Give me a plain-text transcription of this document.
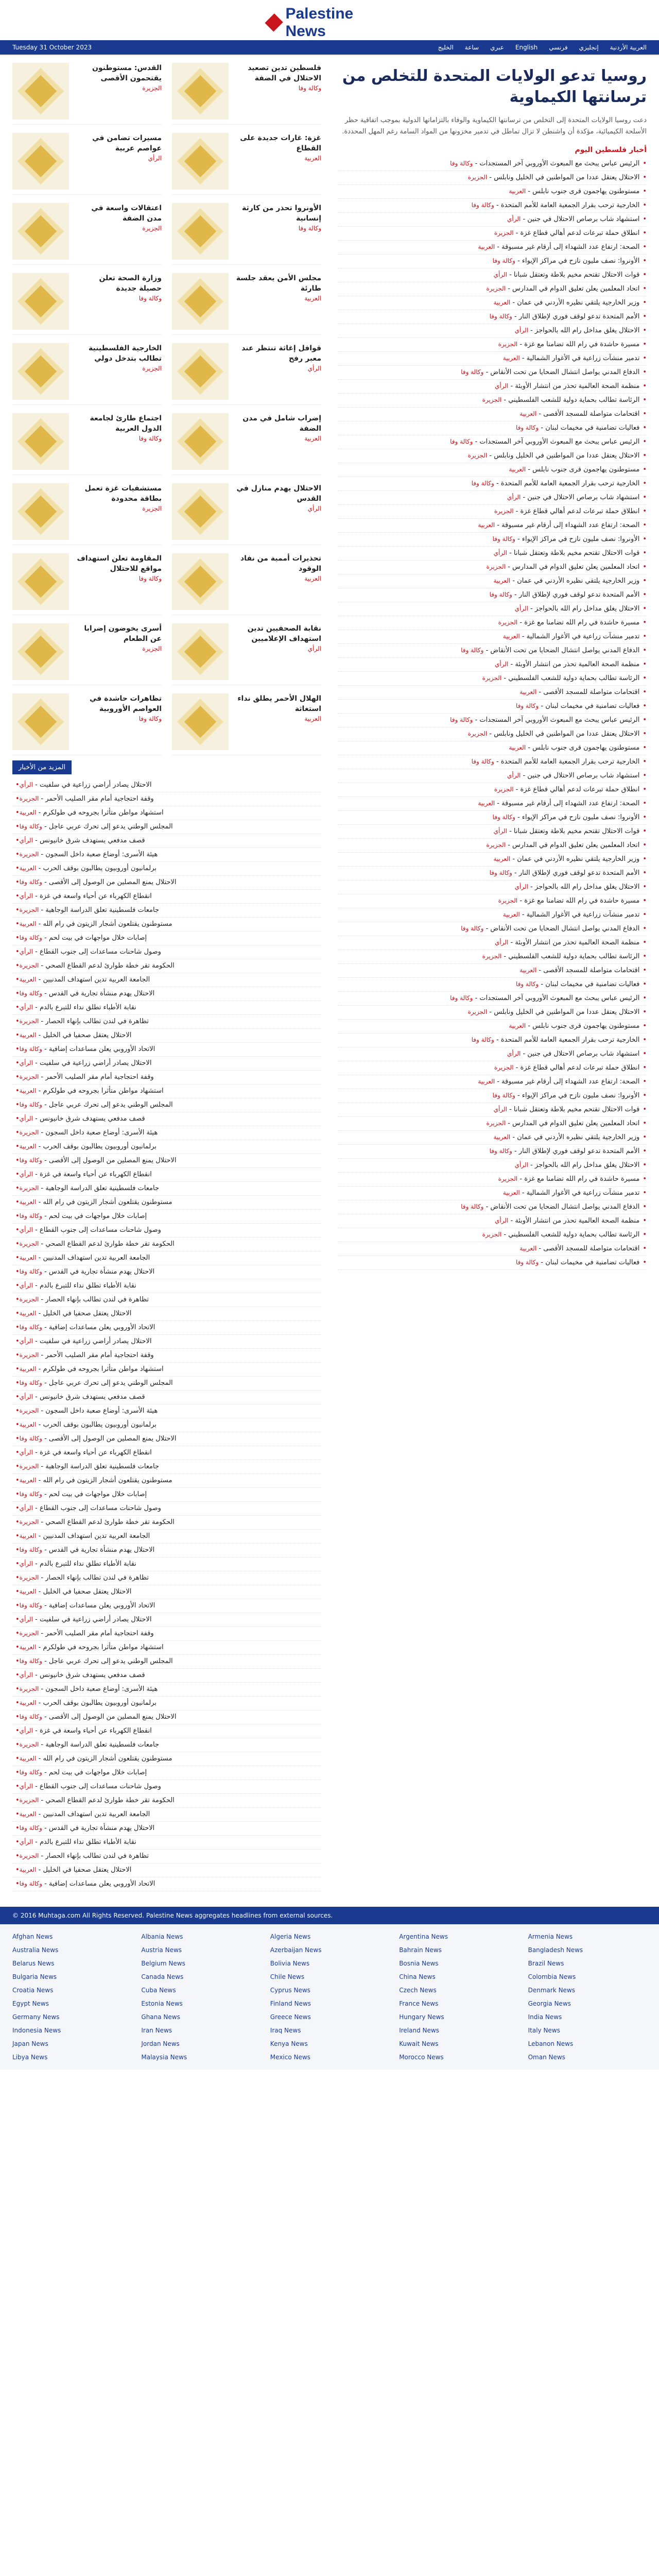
Palestine News
Tuesday 31 October 2023	العربية الأردنية
إنجليزي
فرنسي
English
عبري
ساعة
الخليج
فلسطين تدين تصعيد الاحتلال في الضفة
وكالة وفا
القدس: مستوطنون يقتحمون الأقصى
الجزيرة
غزة: غارات جديدة على القطاع
العربية
مسيرات تضامن في عواصم عربية
الرأي
الأونروا تحذر من كارثة إنسانية
وكالة وفا
اعتقالات واسعة في مدن الضفة
الجزيرة
مجلس الأمن يعقد جلسة طارئة
العربية
وزارة الصحة تعلن حصيلة جديدة
وكالة وفا
قوافل إغاثة تنتظر عند معبر رفح
الرأي
الخارجية الفلسطينية تطالب بتدخل دولي
الجزيرة
إضراب شامل في مدن الضفة
العربية
اجتماع طارئ لجامعة الدول العربية
وكالة وفا
الاحتلال يهدم منازل في القدس
الرأي
مستشفيات غزة تعمل بطاقة محدودة
الجزيرة
تحذيرات أممية من نفاد الوقود
العربية
المقاومة تعلن استهداف مواقع للاحتلال
وكالة وفا
نقابة الصحفيين تدين استهداف الإعلاميين
الرأي
أسرى يخوضون إضرابا عن الطعام
الجزيرة
الهلال الأحمر يطلق نداء استغاثة
العربية
تظاهرات حاشدة في العواصم الأوروبية
وكالة وفا
المزيد من الأخبار
•	الاحتلال يصادر أراضي زراعية في سلفيت - الرأي
•	وقفة احتجاجية أمام مقر الصليب الأحمر - الجزيرة
•	استشهاد مواطن متأثرا بجروحه في طولكرم - العربية
•	المجلس الوطني يدعو إلى تحرك عربي عاجل - وكالة وفا
•	قصف مدفعي يستهدف شرق خانيونس - الرأي
•	هيئة الأسرى: أوضاع صعبة داخل السجون - الجزيرة
•	برلمانيون أوروبيون يطالبون بوقف الحرب - العربية
•	الاحتلال يمنع المصلين من الوصول إلى الأقصى - وكالة وفا
•	انقطاع الكهرباء عن أحياء واسعة في غزة - الرأي
•	جامعات فلسطينية تعلق الدراسة الوجاهية - الجزيرة
•	مستوطنون يقتلعون أشجار الزيتون في رام الله - العربية
•	إصابات خلال مواجهات في بيت لحم - وكالة وفا
•	وصول شاحنات مساعدات إلى جنوب القطاع - الرأي
•	الحكومة تقر خطة طوارئ لدعم القطاع الصحي - الجزيرة
•	الجامعة العربية تدين استهداف المدنيين - العربية
•	الاحتلال يهدم منشأة تجارية في القدس - وكالة وفا
•	نقابة الأطباء تطلق نداء للتبرع بالدم - الرأي
•	تظاهرة في لندن تطالب بإنهاء الحصار - الجزيرة
•	الاحتلال يعتقل صحفيا في الخليل - العربية
•	الاتحاد الأوروبي يعلن مساعدات إضافية - وكالة وفا
•	الاحتلال يصادر أراضي زراعية في سلفيت - الرأي
•	وقفة احتجاجية أمام مقر الصليب الأحمر - الجزيرة
•	استشهاد مواطن متأثرا بجروحه في طولكرم - العربية
•	المجلس الوطني يدعو إلى تحرك عربي عاجل - وكالة وفا
•	قصف مدفعي يستهدف شرق خانيونس - الرأي
•	هيئة الأسرى: أوضاع صعبة داخل السجون - الجزيرة
•	برلمانيون أوروبيون يطالبون بوقف الحرب - العربية
•	الاحتلال يمنع المصلين من الوصول إلى الأقصى - وكالة وفا
•	انقطاع الكهرباء عن أحياء واسعة في غزة - الرأي
•	جامعات فلسطينية تعلق الدراسة الوجاهية - الجزيرة
•	مستوطنون يقتلعون أشجار الزيتون في رام الله - العربية
•	إصابات خلال مواجهات في بيت لحم - وكالة وفا
•	وصول شاحنات مساعدات إلى جنوب القطاع - الرأي
•	الحكومة تقر خطة طوارئ لدعم القطاع الصحي - الجزيرة
•	الجامعة العربية تدين استهداف المدنيين - العربية
•	الاحتلال يهدم منشأة تجارية في القدس - وكالة وفا
•	نقابة الأطباء تطلق نداء للتبرع بالدم - الرأي
•	تظاهرة في لندن تطالب بإنهاء الحصار - الجزيرة
•	الاحتلال يعتقل صحفيا في الخليل - العربية
•	الاتحاد الأوروبي يعلن مساعدات إضافية - وكالة وفا
•	الاحتلال يصادر أراضي زراعية في سلفيت - الرأي
•	وقفة احتجاجية أمام مقر الصليب الأحمر - الجزيرة
•	استشهاد مواطن متأثرا بجروحه في طولكرم - العربية
•	المجلس الوطني يدعو إلى تحرك عربي عاجل - وكالة وفا
•	قصف مدفعي يستهدف شرق خانيونس - الرأي
•	هيئة الأسرى: أوضاع صعبة داخل السجون - الجزيرة
•	برلمانيون أوروبيون يطالبون بوقف الحرب - العربية
•	الاحتلال يمنع المصلين من الوصول إلى الأقصى - وكالة وفا
•	انقطاع الكهرباء عن أحياء واسعة في غزة - الرأي
•	جامعات فلسطينية تعلق الدراسة الوجاهية - الجزيرة
•	مستوطنون يقتلعون أشجار الزيتون في رام الله - العربية
•	إصابات خلال مواجهات في بيت لحم - وكالة وفا
•	وصول شاحنات مساعدات إلى جنوب القطاع - الرأي
•	الحكومة تقر خطة طوارئ لدعم القطاع الصحي - الجزيرة
•	الجامعة العربية تدين استهداف المدنيين - العربية
•	الاحتلال يهدم منشأة تجارية في القدس - وكالة وفا
•	نقابة الأطباء تطلق نداء للتبرع بالدم - الرأي
•	تظاهرة في لندن تطالب بإنهاء الحصار - الجزيرة
•	الاحتلال يعتقل صحفيا في الخليل - العربية
•	الاتحاد الأوروبي يعلن مساعدات إضافية - وكالة وفا
•	الاحتلال يصادر أراضي زراعية في سلفيت - الرأي
•	وقفة احتجاجية أمام مقر الصليب الأحمر - الجزيرة
•	استشهاد مواطن متأثرا بجروحه في طولكرم - العربية
•	المجلس الوطني يدعو إلى تحرك عربي عاجل - وكالة وفا
•	قصف مدفعي يستهدف شرق خانيونس - الرأي
•	هيئة الأسرى: أوضاع صعبة داخل السجون - الجزيرة
•	برلمانيون أوروبيون يطالبون بوقف الحرب - العربية
•	الاحتلال يمنع المصلين من الوصول إلى الأقصى - وكالة وفا
•	انقطاع الكهرباء عن أحياء واسعة في غزة - الرأي
•	جامعات فلسطينية تعلق الدراسة الوجاهية - الجزيرة
•	مستوطنون يقتلعون أشجار الزيتون في رام الله - العربية
•	إصابات خلال مواجهات في بيت لحم - وكالة وفا
•	وصول شاحنات مساعدات إلى جنوب القطاع - الرأي
•	الحكومة تقر خطة طوارئ لدعم القطاع الصحي - الجزيرة
•	الجامعة العربية تدين استهداف المدنيين - العربية
•	الاحتلال يهدم منشأة تجارية في القدس - وكالة وفا
•	نقابة الأطباء تطلق نداء للتبرع بالدم - الرأي
•	تظاهرة في لندن تطالب بإنهاء الحصار - الجزيرة
•	الاحتلال يعتقل صحفيا في الخليل - العربية
•	الاتحاد الأوروبي يعلن مساعدات إضافية - وكالة وفا
روسيا تدعو الولايات المتحدة للتخلص من ترسانتها الكيماوية

دعت روسيا الولايات المتحدة إلى التخلص من ترسانتها الكيماوية والوفاء بالتزاماتها الدولية بموجب اتفاقية حظر الأسلحة الكيميائية، مؤكدة أن واشنطن لا تزال تماطل في تدمير مخزونها من المواد السامة رغم المهل المحددة.

أخبار فلسطين اليوم
•الرئيس عباس يبحث مع المبعوث الأوروبي آخر المستجدات - وكالة وفا
•الاحتلال يعتقل عددا من المواطنين في الخليل ونابلس - الجزيرة
•مستوطنون يهاجمون قرى جنوب نابلس - العربية
•الخارجية ترحب بقرار الجمعية العامة للأمم المتحدة - وكالة وفا
•استشهاد شاب برصاص الاحتلال في جنين - الرأي
•انطلاق حملة تبرعات لدعم أهالي قطاع غزة - الجزيرة
•الصحة: ارتفاع عدد الشهداء إلى أرقام غير مسبوقة - العربية
•الأونروا: نصف مليون نازح في مراكز الإيواء - وكالة وفا
•قوات الاحتلال تقتحم مخيم بلاطة وتعتقل شبانا - الرأي
•اتحاد المعلمين يعلن تعليق الدوام في المدارس - الجزيرة
•وزير الخارجية يلتقي نظيره الأردني في عمان - العربية
•الأمم المتحدة تدعو لوقف فوري لإطلاق النار - وكالة وفا
•الاحتلال يغلق مداخل رام الله بالحواجز - الرأي
•مسيرة حاشدة في رام الله تضامنا مع غزة - الجزيرة
•تدمير منشآت زراعية في الأغوار الشمالية - العربية
•الدفاع المدني يواصل انتشال الضحايا من تحت الأنقاض - وكالة وفا
•منظمة الصحة العالمية تحذر من انتشار الأوبئة - الرأي
•الرئاسة تطالب بحماية دولية للشعب الفلسطيني - الجزيرة
•اقتحامات متواصلة للمسجد الأقصى - العربية
•فعاليات تضامنية في مخيمات لبنان - وكالة وفا
•الرئيس عباس يبحث مع المبعوث الأوروبي آخر المستجدات - وكالة وفا
•الاحتلال يعتقل عددا من المواطنين في الخليل ونابلس - الجزيرة
•مستوطنون يهاجمون قرى جنوب نابلس - العربية
•الخارجية ترحب بقرار الجمعية العامة للأمم المتحدة - وكالة وفا
•استشهاد شاب برصاص الاحتلال في جنين - الرأي
•انطلاق حملة تبرعات لدعم أهالي قطاع غزة - الجزيرة
•الصحة: ارتفاع عدد الشهداء إلى أرقام غير مسبوقة - العربية
•الأونروا: نصف مليون نازح في مراكز الإيواء - وكالة وفا
•قوات الاحتلال تقتحم مخيم بلاطة وتعتقل شبانا - الرأي
•اتحاد المعلمين يعلن تعليق الدوام في المدارس - الجزيرة
•وزير الخارجية يلتقي نظيره الأردني في عمان - العربية
•الأمم المتحدة تدعو لوقف فوري لإطلاق النار - وكالة وفا
•الاحتلال يغلق مداخل رام الله بالحواجز - الرأي
•مسيرة حاشدة في رام الله تضامنا مع غزة - الجزيرة
•تدمير منشآت زراعية في الأغوار الشمالية - العربية
•الدفاع المدني يواصل انتشال الضحايا من تحت الأنقاض - وكالة وفا
•منظمة الصحة العالمية تحذر من انتشار الأوبئة - الرأي
•الرئاسة تطالب بحماية دولية للشعب الفلسطيني - الجزيرة
•اقتحامات متواصلة للمسجد الأقصى - العربية
•فعاليات تضامنية في مخيمات لبنان - وكالة وفا
•الرئيس عباس يبحث مع المبعوث الأوروبي آخر المستجدات - وكالة وفا
•الاحتلال يعتقل عددا من المواطنين في الخليل ونابلس - الجزيرة
•مستوطنون يهاجمون قرى جنوب نابلس - العربية
•الخارجية ترحب بقرار الجمعية العامة للأمم المتحدة - وكالة وفا
•استشهاد شاب برصاص الاحتلال في جنين - الرأي
•انطلاق حملة تبرعات لدعم أهالي قطاع غزة - الجزيرة
•الصحة: ارتفاع عدد الشهداء إلى أرقام غير مسبوقة - العربية
•الأونروا: نصف مليون نازح في مراكز الإيواء - وكالة وفا
•قوات الاحتلال تقتحم مخيم بلاطة وتعتقل شبانا - الرأي
•اتحاد المعلمين يعلن تعليق الدوام في المدارس - الجزيرة
•وزير الخارجية يلتقي نظيره الأردني في عمان - العربية
•الأمم المتحدة تدعو لوقف فوري لإطلاق النار - وكالة وفا
•الاحتلال يغلق مداخل رام الله بالحواجز - الرأي
•مسيرة حاشدة في رام الله تضامنا مع غزة - الجزيرة
•تدمير منشآت زراعية في الأغوار الشمالية - العربية
•الدفاع المدني يواصل انتشال الضحايا من تحت الأنقاض - وكالة وفا
•منظمة الصحة العالمية تحذر من انتشار الأوبئة - الرأي
•الرئاسة تطالب بحماية دولية للشعب الفلسطيني - الجزيرة
•اقتحامات متواصلة للمسجد الأقصى - العربية
•فعاليات تضامنية في مخيمات لبنان - وكالة وفا
•الرئيس عباس يبحث مع المبعوث الأوروبي آخر المستجدات - وكالة وفا
•الاحتلال يعتقل عددا من المواطنين في الخليل ونابلس - الجزيرة
•مستوطنون يهاجمون قرى جنوب نابلس - العربية
•الخارجية ترحب بقرار الجمعية العامة للأمم المتحدة - وكالة وفا
•استشهاد شاب برصاص الاحتلال في جنين - الرأي
•انطلاق حملة تبرعات لدعم أهالي قطاع غزة - الجزيرة
•الصحة: ارتفاع عدد الشهداء إلى أرقام غير مسبوقة - العربية
•الأونروا: نصف مليون نازح في مراكز الإيواء - وكالة وفا
•قوات الاحتلال تقتحم مخيم بلاطة وتعتقل شبانا - الرأي
•اتحاد المعلمين يعلن تعليق الدوام في المدارس - الجزيرة
•وزير الخارجية يلتقي نظيره الأردني في عمان - العربية
•الأمم المتحدة تدعو لوقف فوري لإطلاق النار - وكالة وفا
•الاحتلال يغلق مداخل رام الله بالحواجز - الرأي
•مسيرة حاشدة في رام الله تضامنا مع غزة - الجزيرة
•تدمير منشآت زراعية في الأغوار الشمالية - العربية
•الدفاع المدني يواصل انتشال الضحايا من تحت الأنقاض - وكالة وفا
•منظمة الصحة العالمية تحذر من انتشار الأوبئة - الرأي
•الرئاسة تطالب بحماية دولية للشعب الفلسطيني - الجزيرة
•اقتحامات متواصلة للمسجد الأقصى - العربية
•فعاليات تضامنية في مخيمات لبنان - وكالة وفا
© 2016 Muhtaga.com All Rights Reserved. Palestine News aggregates headlines from external sources.
Afghan News	Albania News	Algeria News	Argentina News	Armenia News
Australia News	Austria News	Azerbaijan News	Bahrain News	Bangladesh News
Belarus News	Belgium News	Bolivia News	Bosnia News	Brazil News
Bulgaria News	Canada News	Chile News	China News	Colombia News
Croatia News	Cuba News	Cyprus News	Czech News	Denmark News
Egypt News	Estonia News	Finland News	France News	Georgia News
Germany News	Ghana News	Greece News	Hungary News	India News
Indonesia News	Iran News	Iraq News	Ireland News	Italy News
Japan News	Jordan News	Kenya News	Kuwait News	Lebanon News
Libya News	Malaysia News	Mexico News	Morocco News	Oman News
